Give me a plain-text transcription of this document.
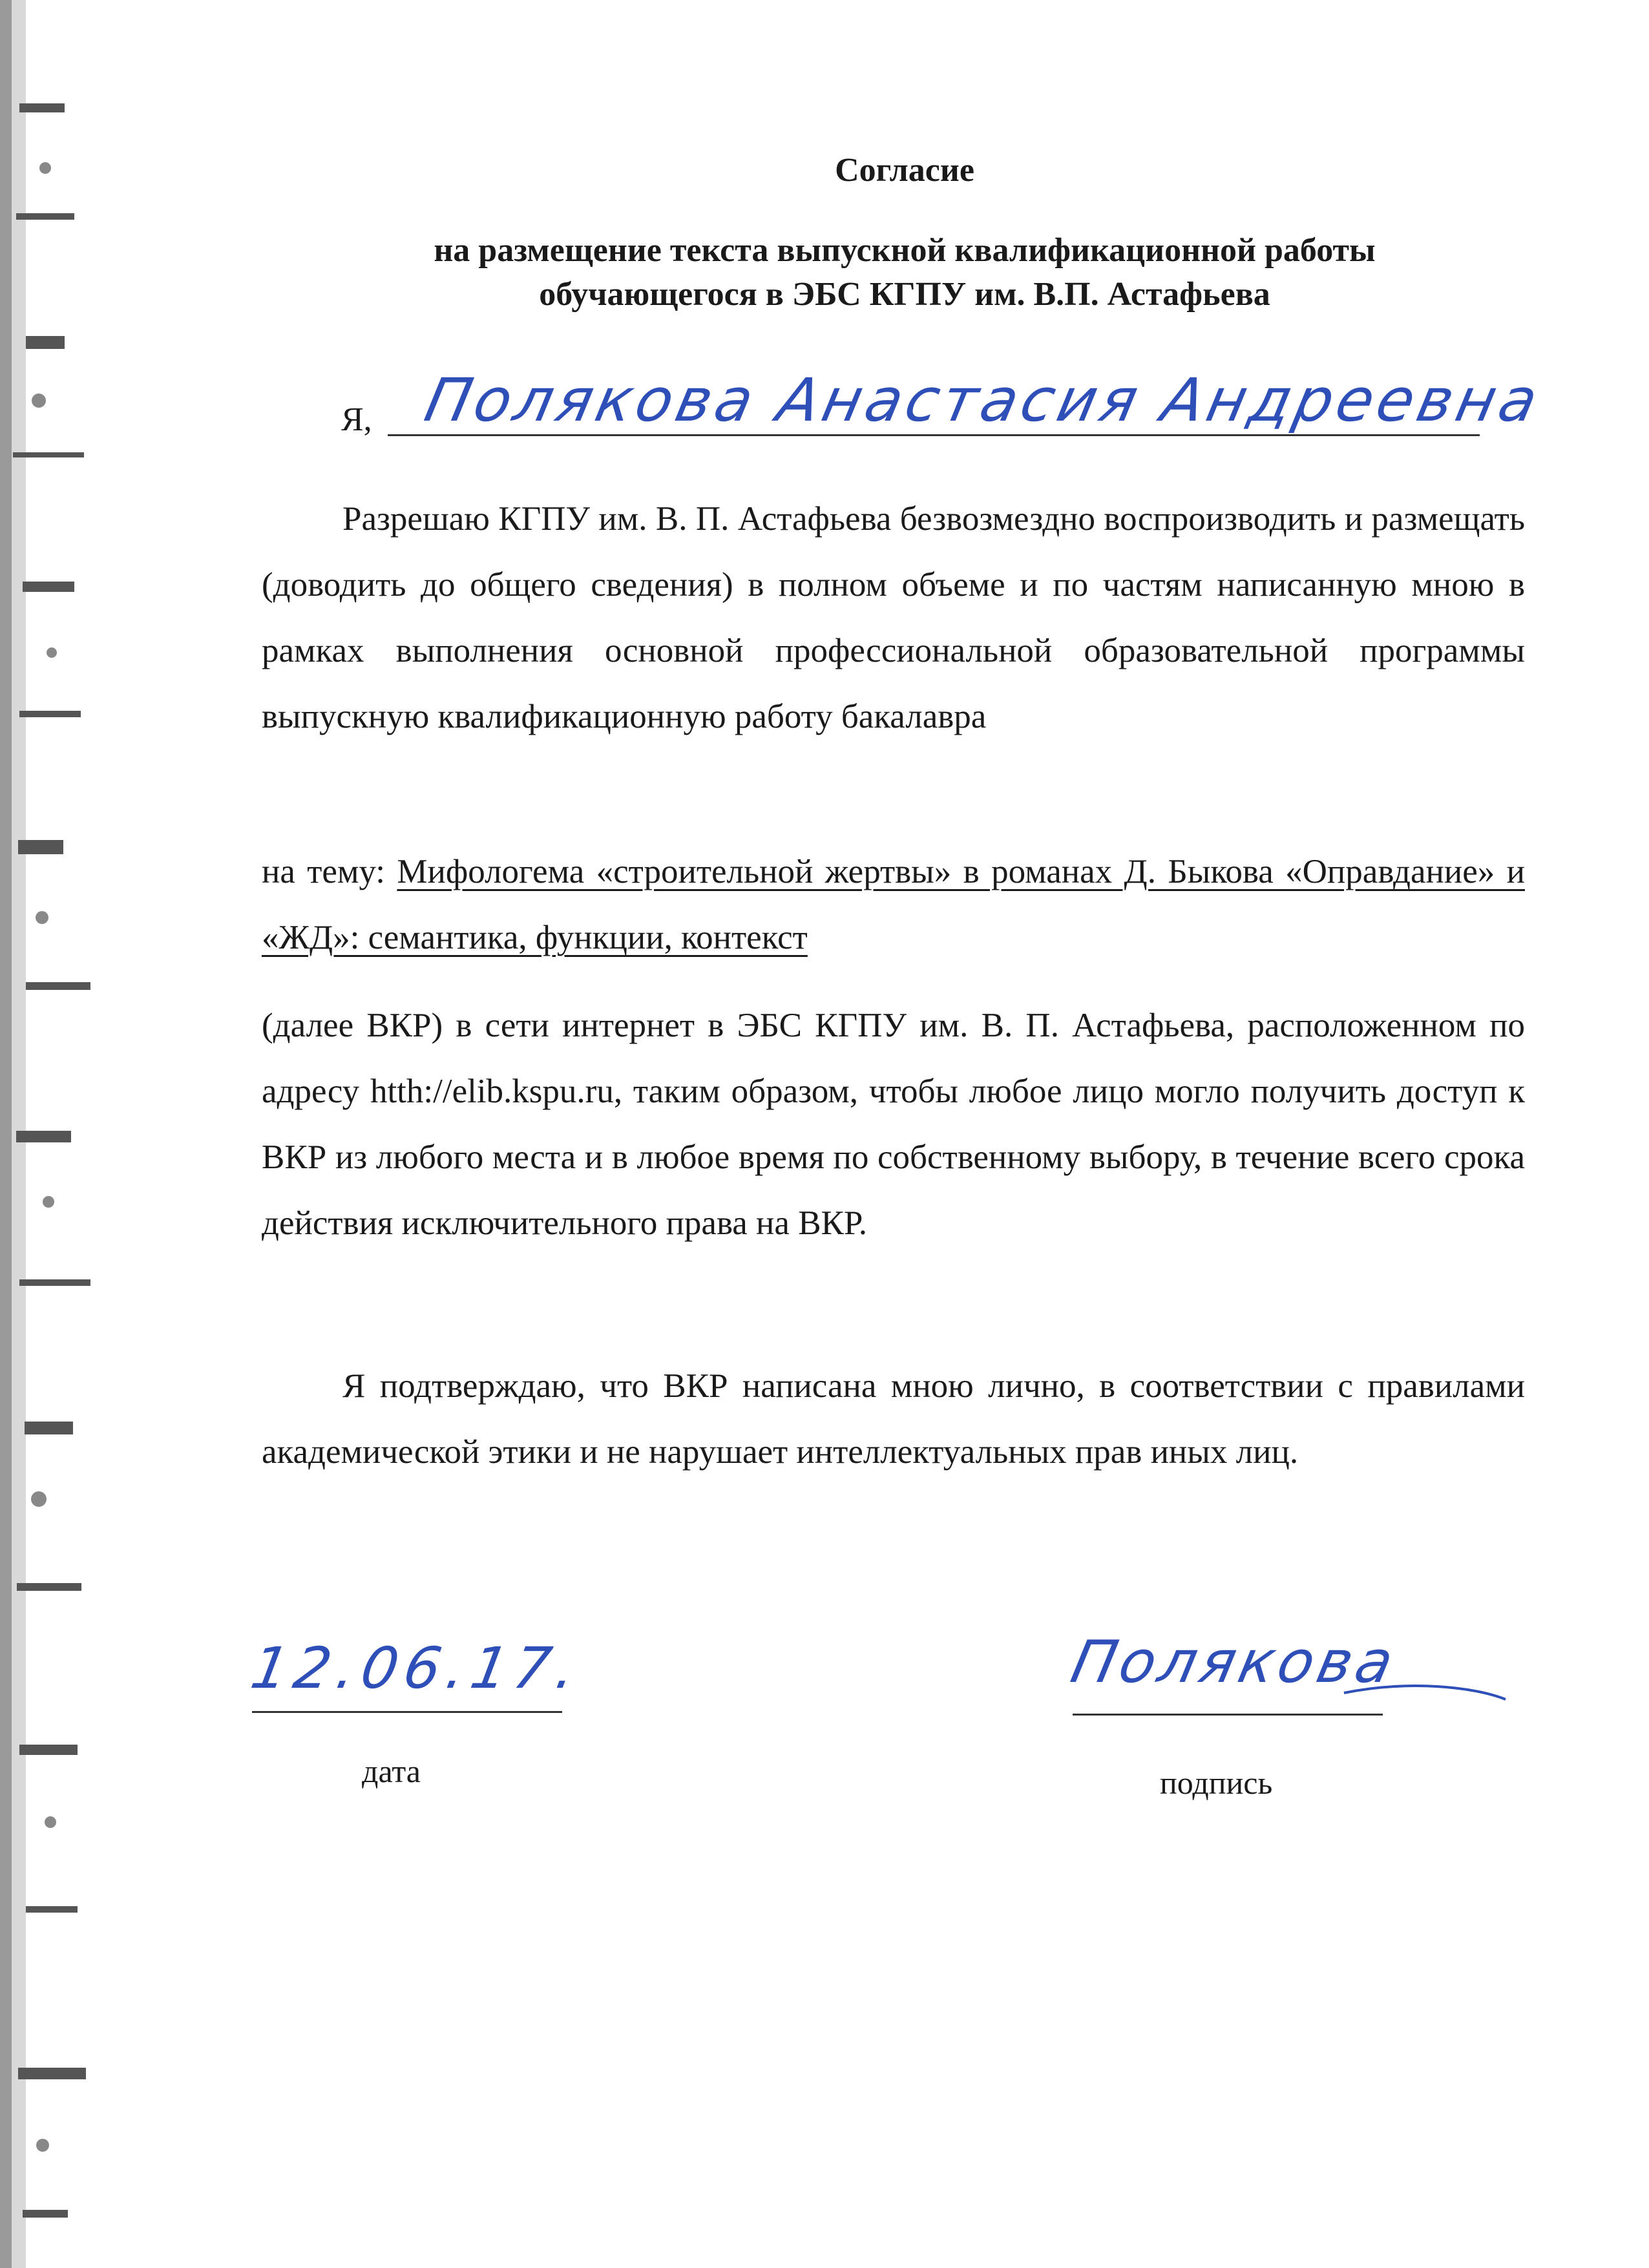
Согласие
на размещение текста выпускной квалификационной работы
обучающегося в ЭБС КГПУ им. В.П. Астафьева
Я, Полякова Анастасия Андреевна
Разрешаю КГПУ им. В. П. Астафьева безвозмездно воспроизводить и размещать (доводить до общего сведения) в полном объеме и по частям написанную мною в рамках выполнения основной профессиональной образовательной программы выпускную квалификационную работу бакалавра
на тему: Мифологема «строительной жертвы» в романах Д. Быкова «Оправдание» и «ЖД»: семантика, функции, контекст
(далее ВКР) в сети интернет в ЭБС КГПУ им. В. П. Астафьева, расположенном по адресу htth://elib.kspu.ru, таким образом, чтобы любое лицо могло получить доступ к ВКР из любого места и в любое время по собственному выбору, в течение всего срока действия исключительного права на ВКР.
Я подтверждаю, что ВКР написана мною лично, в соответствии с правилами академической этики и не нарушает интеллектуальных прав иных лиц.
12.06.17.
дата
Полякова
подпись
